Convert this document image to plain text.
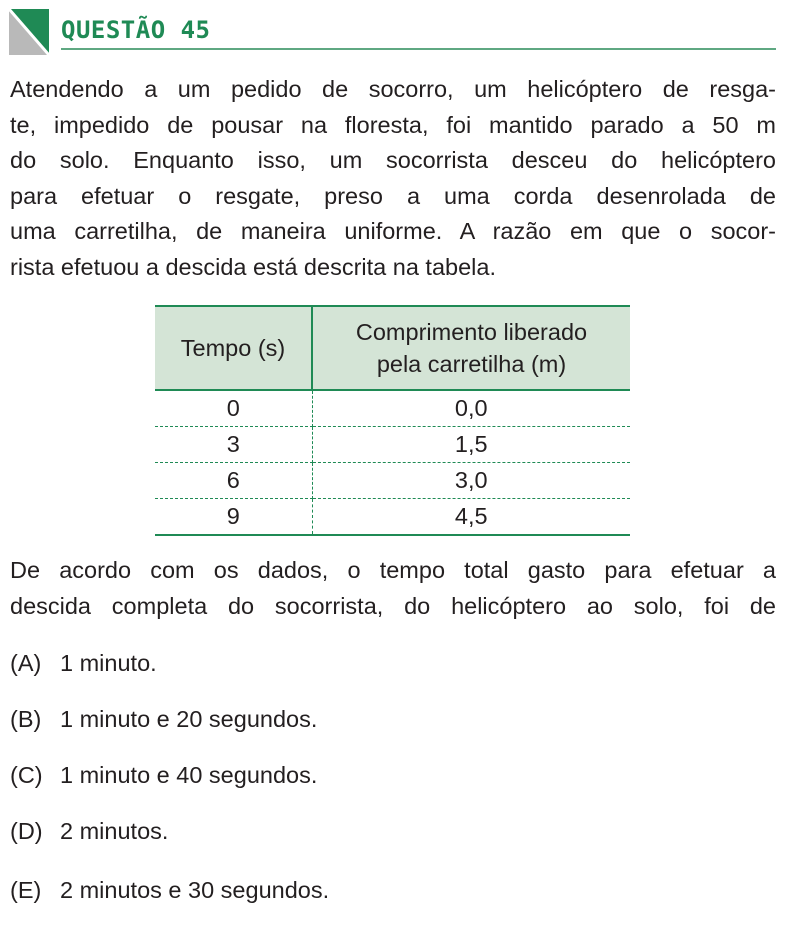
QUESTÃO 45
Atendendo a um pedido de socorro, um helicóptero de resga-
te, impedido de pousar na floresta, foi mantido parado a 50 m
do solo. Enquanto isso, um socorrista desceu do helicóptero
para efetuar o resgate, preso a uma corda desenrolada de
uma carretilha, de maneira uniforme. A razão em que o socor-
rista efetuou a descida está descrita na tabela.
Tempo (s)	Comprimento liberado
pela carretilha (m)

0	0,0
3	1,5
6	3,0
9	4,5
De acordo com os dados, o tempo total gasto para efetuar a
descida completa do socorrista, do helicóptero ao solo, foi de
(A) 1 minuto.
(B) 1 minuto e 20 segundos.
(C) 1 minuto e 40 segundos.
(D) 2 minutos.
(E) 2 minutos e 30 segundos.
